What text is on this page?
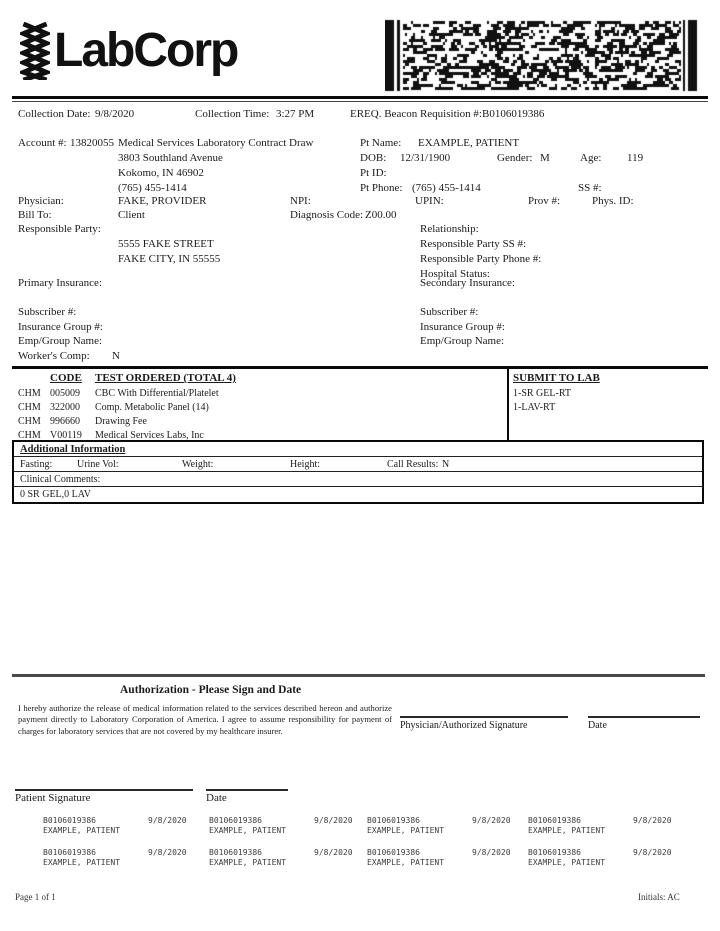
LabCorp
Collection Date: 9/8/2020	Collection Time: 3:27 PM	EREQ. Beacon Requisition #: B0106019386
Account #: 13820055 Medical Services Laboratory Contract Draw	Pt Name: EXAMPLE, PATIENT
3803 Southland Avenue	DOB: 12/31/1900	Gender: M	Age: 119
Kokomo, IN 46902	Pt ID:
(765) 455-1414	Pt Phone: (765) 455-1414	SS #:
Physician:	FAKE, PROVIDER	NPI:	UPIN:	Prov #:	Phys. ID:
Bill To:	Client	Diagnosis Code: Z00.00
Responsible Party:	Relationship:
5555 FAKE STREET	Responsible Party SS #:
FAKE CITY, IN 55555	Responsible Party Phone #:
Hospital Status:
Primary Insurance:	Secondary Insurance:
Subscriber #:	Subscriber #:
Insurance Group #:	Insurance Group #:
Emp/Group Name:	Emp/Group Name:
Worker's Comp: N
CODE TEST ORDERED (TOTAL 4)	SUBMIT TO LAB
CHM 005009 CBC With Differential/Platelet
CHM 322000 Comp. Metabolic Panel (14)
CHM 996660 Drawing Fee
CHM V00119 Medical Services Labs, Inc
1-SR GEL-RT
1-LAV-RT
Additional Information
Fasting: Urine Vol:	Weight:	Height:	Call Results: N
Clinical Comments:
0 SR GEL,0 LAV
Authorization - Please Sign and Date
I hereby authorize the release of medical information related to the services described hereon and authorize payment directly to Laboratory Corporation of America. I agree to assume responsibility for payment of charges for laboratory services that are not covered by my healthcare insurer.	Physician/Authorized Signature	Date
Patient Signature	Date
B0106019386	9/8/2020
EXAMPLE, PATIENT
B0106019386	9/8/2020
EXAMPLE, PATIENT
B0106019386	9/8/2020
EXAMPLE, PATIENT
B0106019386	9/8/2020
EXAMPLE, PATIENT
B0106019386	9/8/2020
EXAMPLE, PATIENT
B0106019386	9/8/2020
EXAMPLE, PATIENT
B0106019386	9/8/2020
EXAMPLE, PATIENT
B0106019386	9/8/2020
EXAMPLE, PATIENT
Page 1 of 1	Initials: AC
